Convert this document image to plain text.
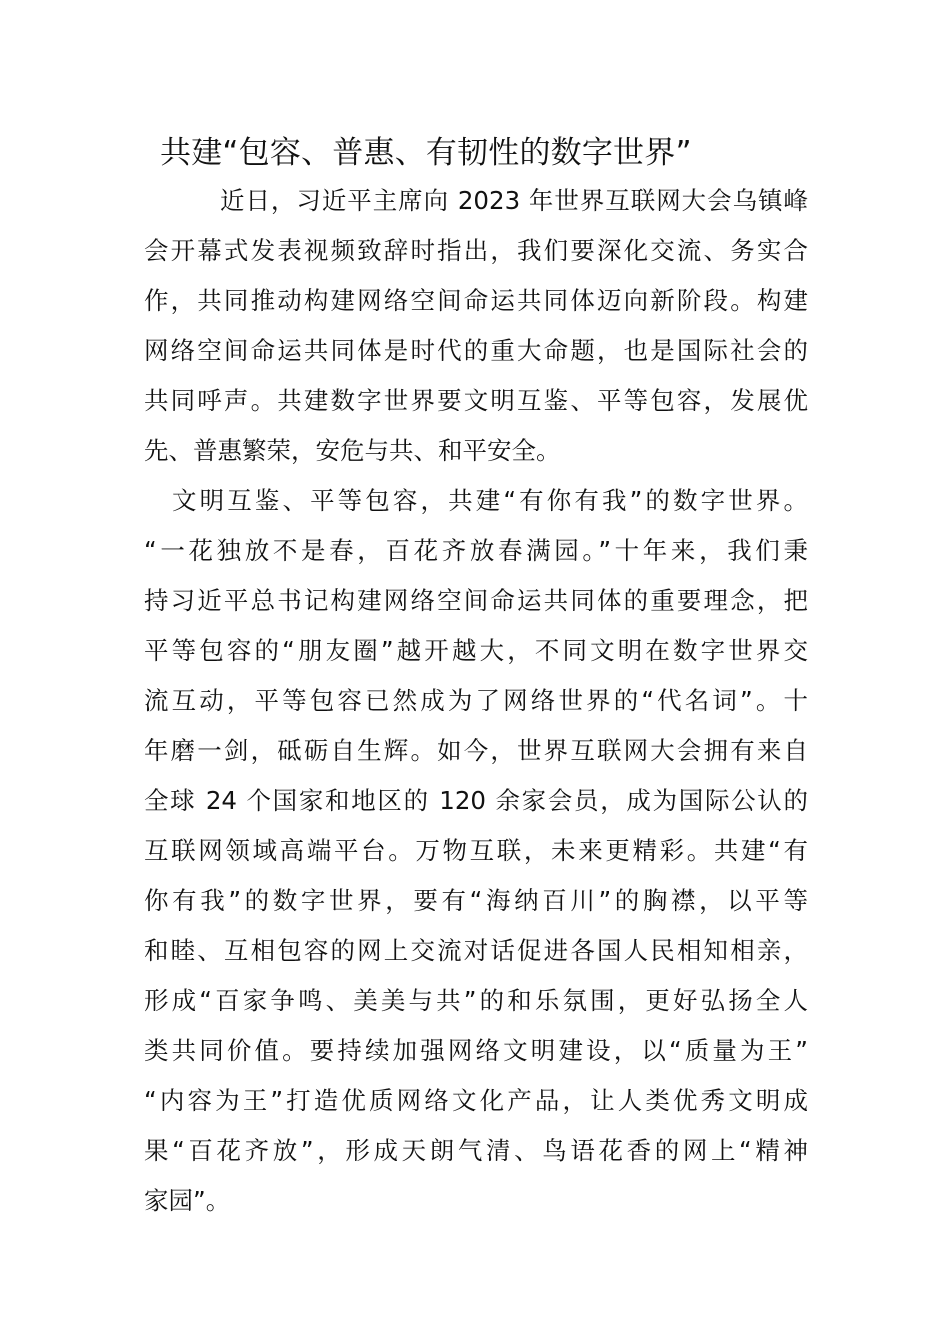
共建“包容、普惠、有韧性的数字世界”
近日，习近平主席向 2023 年世界互联网大会乌镇峰
会开幕式发表视频致辞时指出，我们要深化交流、务实合
作，共同推动构建网络空间命运共同体迈向新阶段。构建
网络空间命运共同体是时代的重大命题，也是国际社会的
共同呼声。共建数字世界要文明互鉴、平等包容，发展优
先、普惠繁荣，安危与共、和平安全。
文明互鉴、平等包容，共建“有你有我”的数字世界。
“一花独放不是春，百花齐放春满园。”十年来，我们秉
持习近平总书记构建网络空间命运共同体的重要理念，把
平等包容的“朋友圈”越开越大，不同文明在数字世界交
流互动，平等包容已然成为了网络世界的“代名词”。十
年磨一剑，砥砺自生辉。如今，世界互联网大会拥有来自
全球 24 个国家和地区的 120 余家会员，成为国际公认的
互联网领域高端平台。万物互联，未来更精彩。共建“有
你有我”的数字世界，要有“海纳百川”的胸襟，以平等
和睦、互相包容的网上交流对话促进各国人民相知相亲，
形成“百家争鸣、美美与共”的和乐氛围，更好弘扬全人
类共同价值。要持续加强网络文明建设，以“质量为王”
“内容为王”打造优质网络文化产品，让人类优秀文明成
果“百花齐放”，形成天朗气清、鸟语花香的网上“精神
家园”。
